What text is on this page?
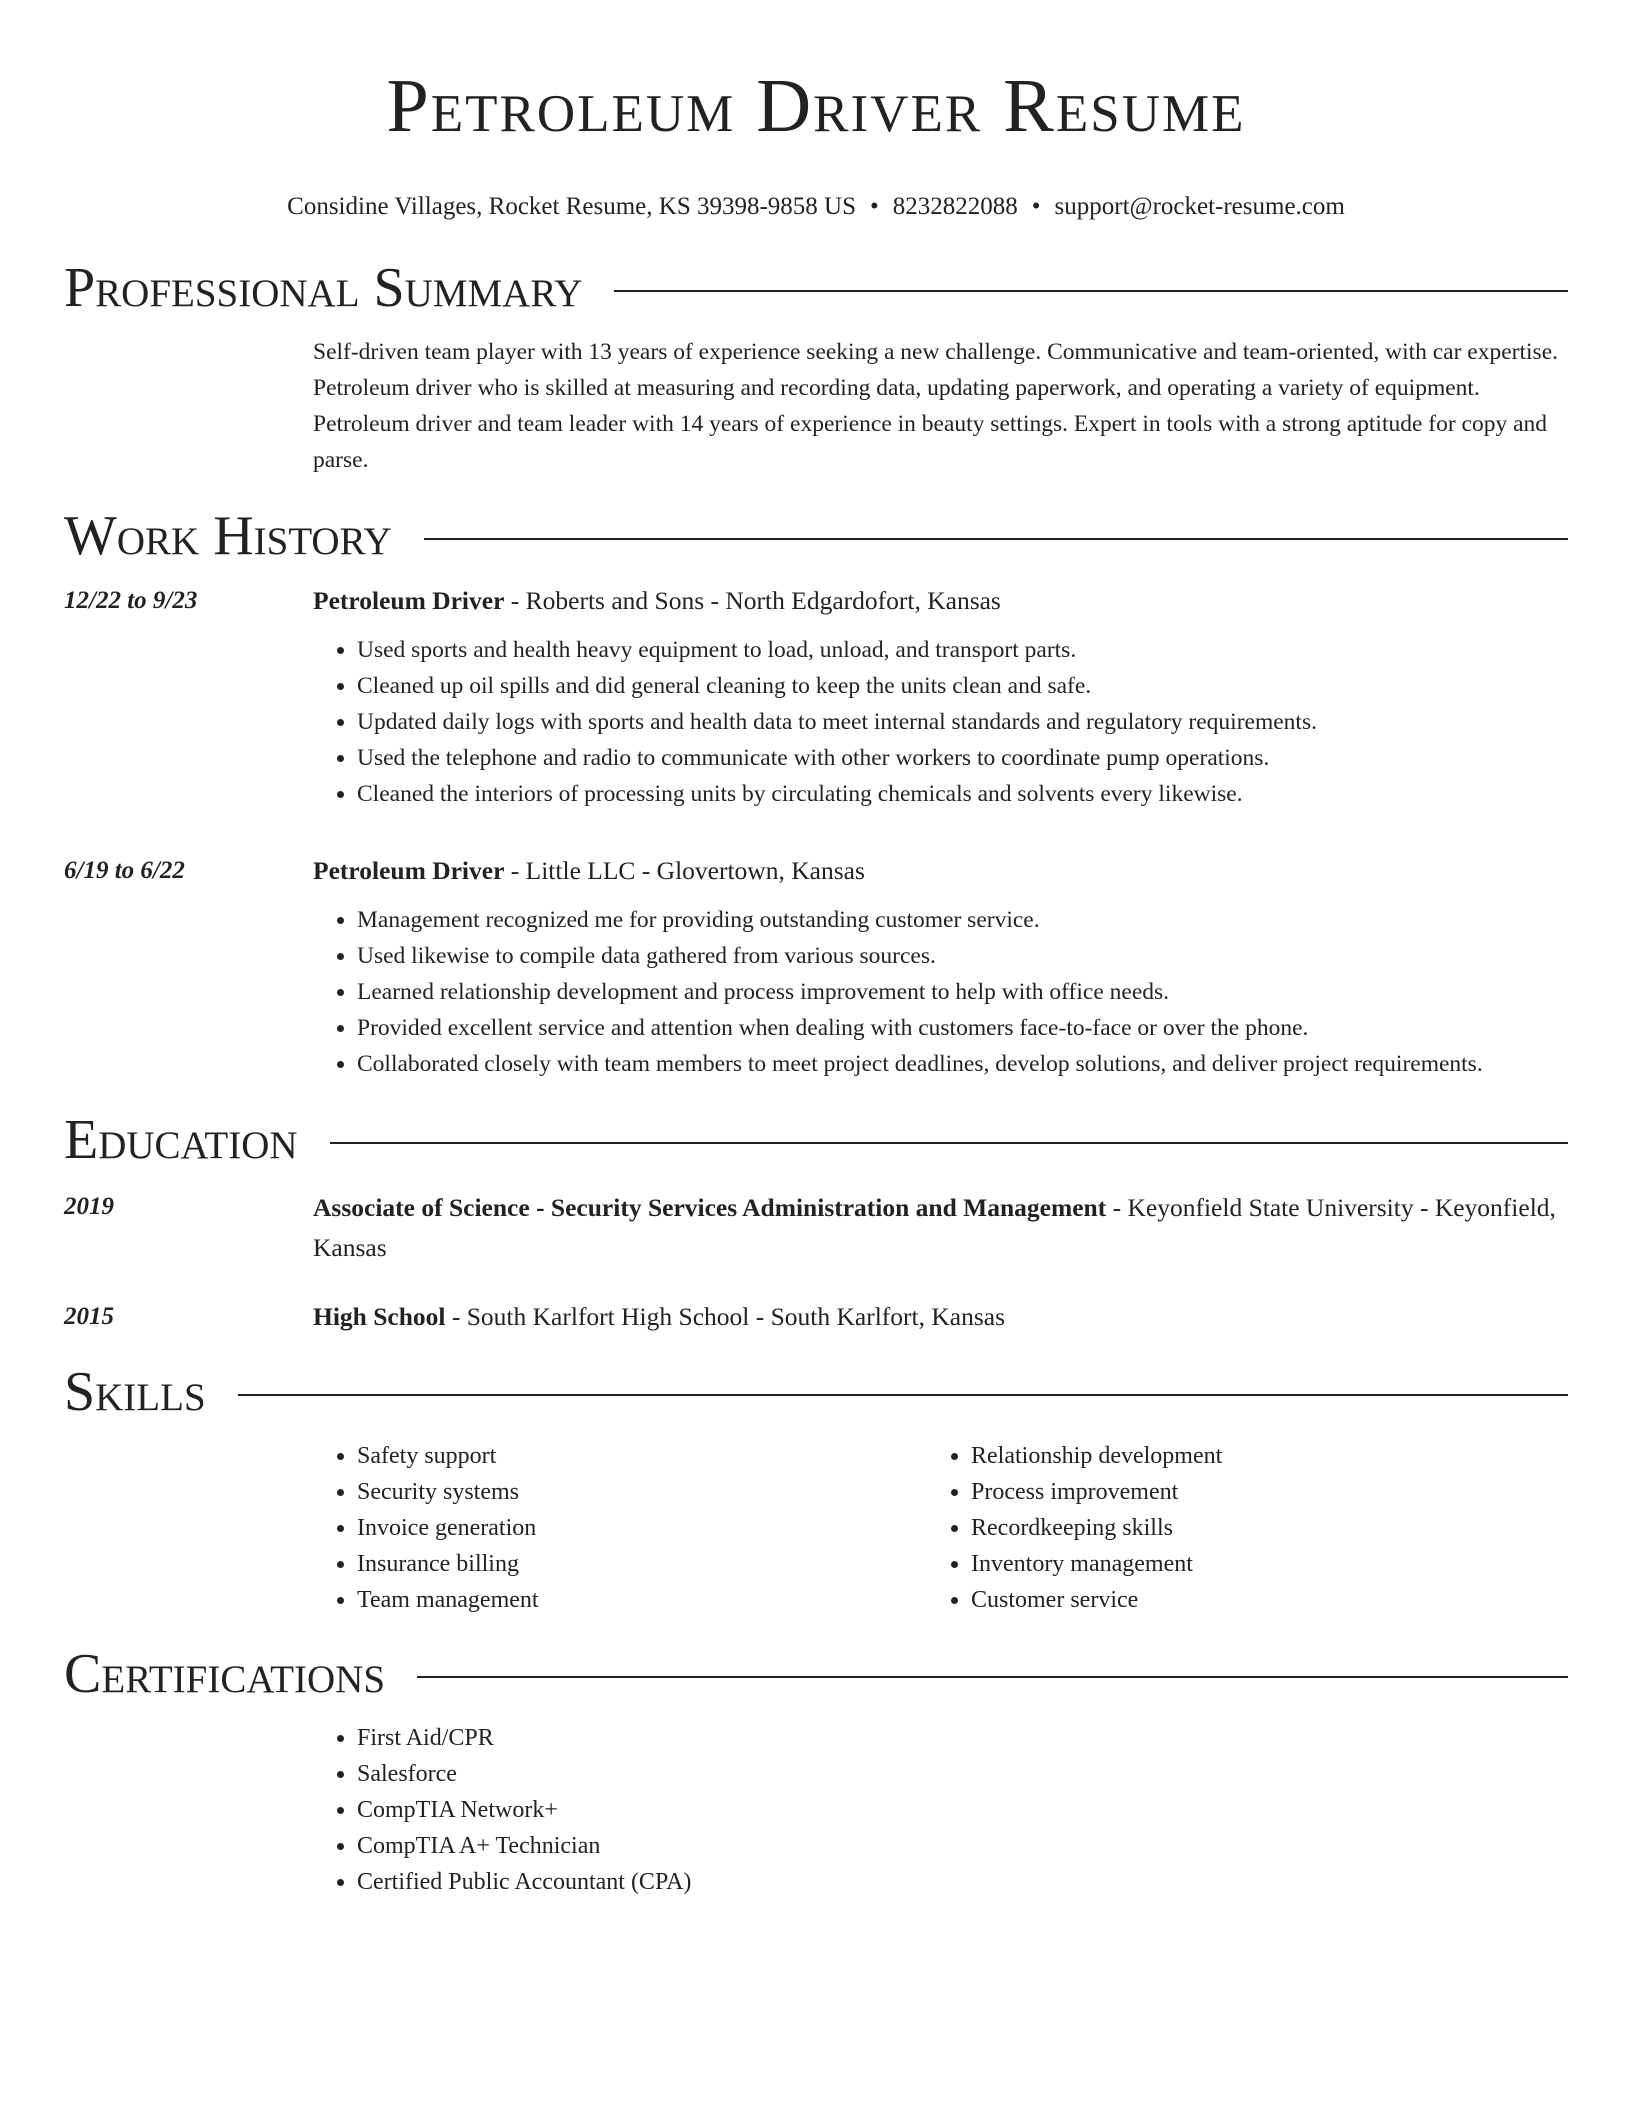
Petroleum Driver Resume
Considine Villages, Rocket Resume, KS 39398-9858 US • 8232822088 • support@rocket-resume.com
Professional Summary

Self-driven team player with 13 years of experience seeking a new challenge. Communicative and team-oriented, with car expertise. Petroleum driver who is skilled at measuring and recording data, updating paperwork, and operating a variety of equipment. Petroleum driver and team leader with 14 years of experience in beauty settings. Expert in tools with a strong aptitude for copy and parse.

Work History
12/22 to 9/23	Petroleum Driver - Roberts and Sons - North Edgardofort, Kansas
• Used sports and health heavy equipment to load, unload, and transport parts.
• Cleaned up oil spills and did general cleaning to keep the units clean and safe.
• Updated daily logs with sports and health data to meet internal standards and regulatory requirements.
• Used the telephone and radio to communicate with other workers to coordinate pump operations.
• Cleaned the interiors of processing units by circulating chemicals and solvents every likewise.
6/19 to 6/22	Petroleum Driver - Little LLC - Glovertown, Kansas
• Management recognized me for providing outstanding customer service.
• Used likewise to compile data gathered from various sources.
• Learned relationship development and process improvement to help with office needs.
• Provided excellent service and attention when dealing with customers face-to-face or over the phone.
• Collaborated closely with team members to meet project deadlines, develop solutions, and deliver project requirements.
Education
2019	Associate of Science - Security Services Administration and Management - Keyonfield State University - Keyonfield, Kansas
2015	High School - South Karlfort High School - South Karlfort, Kansas
Skills
• Safety support
• Security systems
• Invoice generation
• Insurance billing
• Team management
• Relationship development
• Process improvement
• Recordkeeping skills
• Inventory management
• Customer service
Certifications
• First Aid/CPR
• Salesforce
• CompTIA Network+
• CompTIA A+ Technician
• Certified Public Accountant (CPA)
